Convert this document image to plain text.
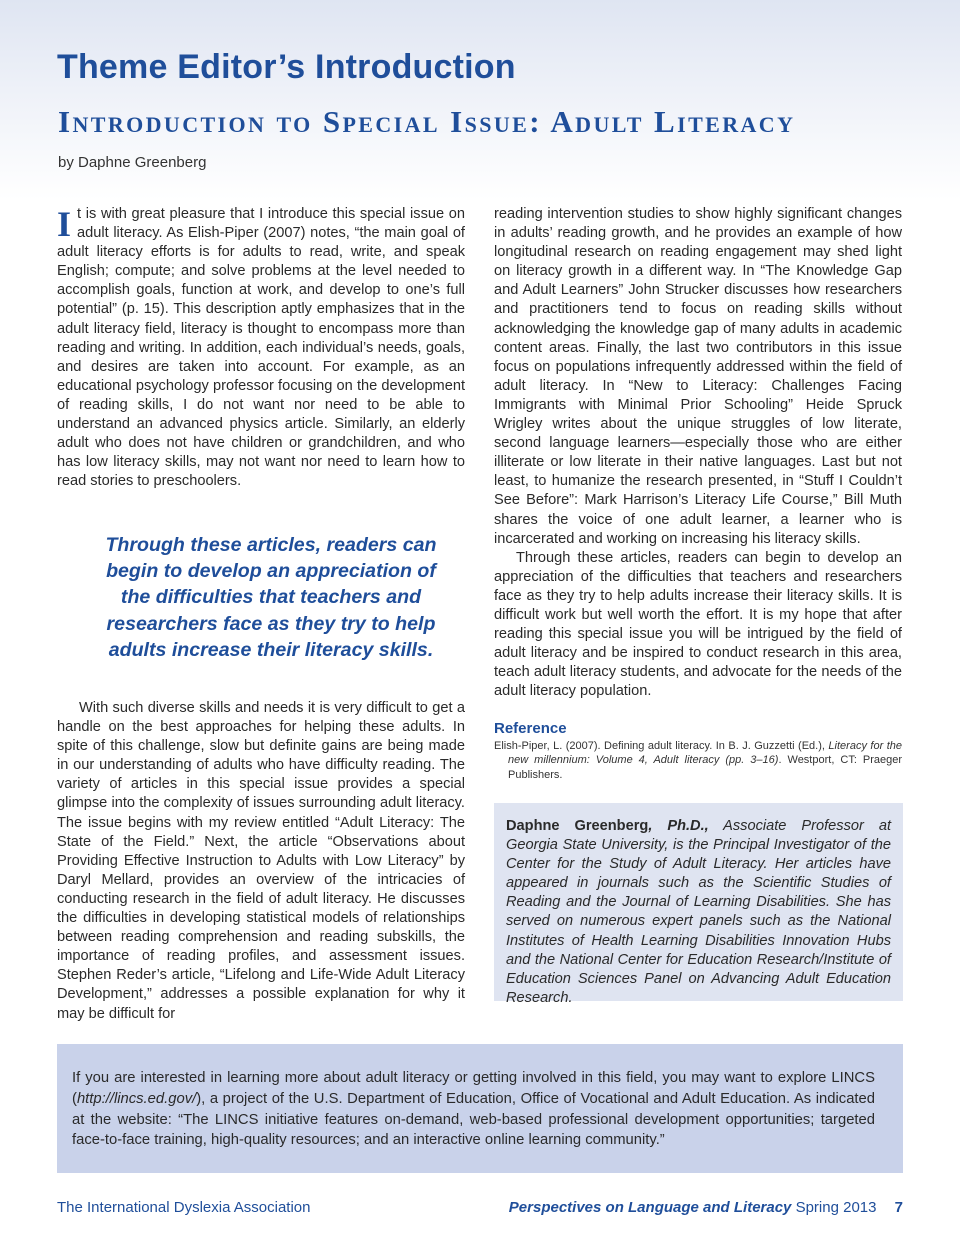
Theme Editor’s Introduction
Introduction to Special Issue: Adult Literacy
by Daphne Greenberg

It is with great pleasure that I introduce this special issue on adult literacy. As Elish-Piper (2007) notes, “the main goal of adult literacy efforts is for adults to read, write, and speak English; compute; and solve problems at the level needed to accomplish goals, function at work, and develop to one’s full potential” (p. 15). This description aptly emphasizes that in the adult literacy field, literacy is thought to encompass more than reading and writing. In addition, each individual’s needs, goals, and desires are taken into account. For example, as an educational psychology professor focusing on the development of reading skills, I do not want nor need to be able to understand an advanced physics article. Similarly, an elderly adult who does not have children or grandchildren, and who has low literacy skills, may not want nor need to learn how to read stories to preschoolers.

Through these articles, readers can begin to develop an appreciation of the difficulties that teachers and researchers face as they try to help adults increase their literacy skills.

With such diverse skills and needs it is very difficult to get a handle on the best approaches for helping these adults. In spite of this challenge, slow but definite gains are being made in our understanding of adults who have difficulty reading. The variety of articles in this special issue provides a special glimpse into the complexity of issues surrounding adult literacy. The issue begins with my review entitled “Adult Literacy: The State of the Field.” Next, the article “Observations about Providing Effective Instruction to Adults with Low Literacy” by Daryl Mellard, provides an overview of the intricacies of conducting research in the field of adult literacy. He discusses the difficulties in developing statistical models of relationships between reading comprehension and reading subskills, the importance of reading profiles, and assessment issues. Stephen Reder’s article, “Lifelong and Life-Wide Adult Literacy Development,” addresses a possible explanation for why it may be difficult for

reading intervention studies to show highly significant changes in adults’ reading growth, and he provides an example of how longitudinal research on reading engagement may shed light on literacy growth in a different way. In “The Knowledge Gap and Adult Learners” John Strucker discusses how researchers and practitioners tend to focus on reading skills without acknowledging the knowledge gap of many adults in academic content areas. Finally, the last two contributors in this issue focus on populations infrequently addressed within the field of adult literacy. In “New to Literacy: Challenges Facing Immigrants with Minimal Prior Schooling” Heide Spruck Wrigley writes about the unique struggles of low literate, second language learners—especially those who are either illiterate or low literate in their native languages. Last but not least, to humanize the research presented, in “Stuff I Couldn’t See Before”: Mark Harrison’s Literacy Life Course,” Bill Muth shares the voice of one adult learner, a learner who is incarcerated and working on increasing his literacy skills.

Through these articles, readers can begin to develop an appreciation of the difficulties that teachers and researchers face as they try to help adults increase their literacy skills. It is difficult work but well worth the effort. It is my hope that after reading this special issue you will be intrigued by the field of adult literacy and be inspired to conduct research in this area, teach adult literacy students, and advocate for the needs of the adult literacy population.

Reference
Elish-Piper, L. (2007). Defining adult literacy. In B. J. Guzzetti (Ed.), Literacy for the new millennium: Volume 4, Adult literacy (pp. 3–16). Westport, CT: Praeger Publishers.

Daphne Greenberg, Ph.D., Associate Professor at Georgia State University, is the Principal Investigator of the Center for the Study of Adult Literacy. Her articles have appeared in journals such as the Scientific Studies of Reading and the Journal of Learning Disabilities. She has served on numerous expert panels such as the National Institutes of Health Learning Disabilities Innovation Hubs and the National Center for Education Research/Institute of Education Sciences Panel on Advancing Adult Education Research.

If you are interested in learning more about adult literacy or getting involved in this field, you may want to explore LINCS (http://lincs.ed.gov/), a project of the U.S. Department of Education, Office of Vocational and Adult Education. As indicated at the website: “The LINCS initiative features on-demand, web-based professional development opportunities; targeted face-to-face training, high-quality resources; and an interactive online learning community.”

The International Dyslexia Association	Perspectives on Language and Literacy Spring 2013 7
